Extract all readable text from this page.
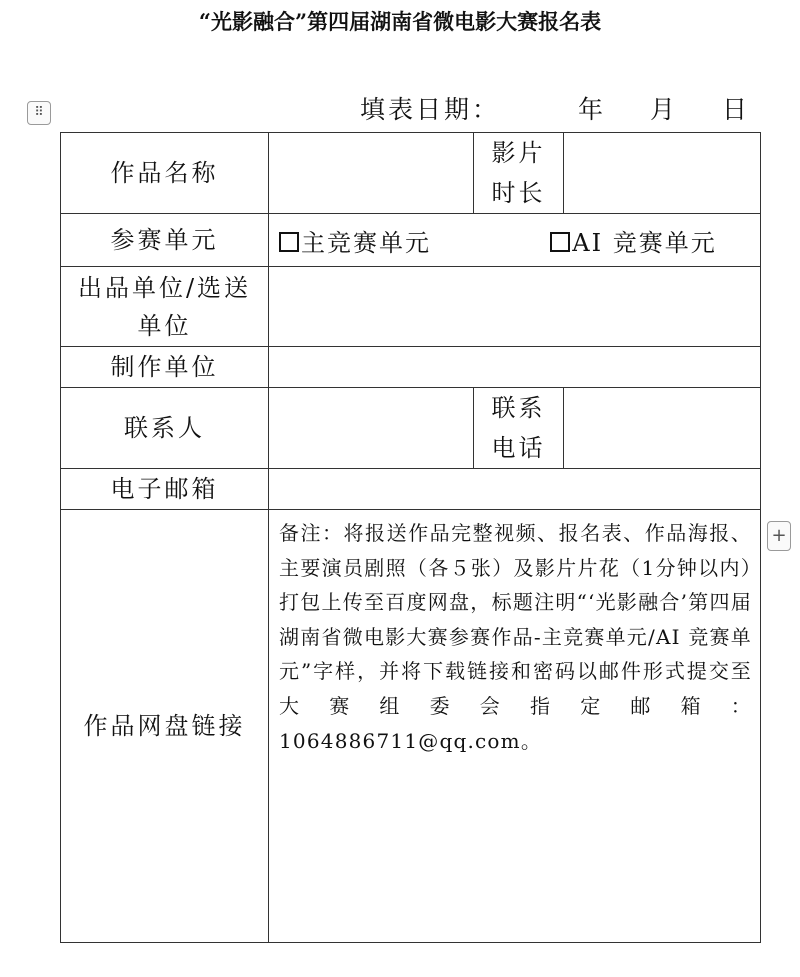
“光影融合”第四届湖南省微电影大赛报名表
⠿	填表日期：	年 月 日
作品名称		影片
时长	

参赛单元	主竞赛单元 AI 竞赛单元		

出品单位/选送
单位			

制作单位			
联系人		联系
电话	

电子邮箱			
作品网盘链接	备注：将报送作品完整视频、报名表、作品海报、主要演员剧照（各５张）及影片片花（1分钟以内）打包上传至百度网盘，标题注明“‘光影融合’第四届湖南省微电影大赛参赛作品-主竞赛单元/AI 竞赛单元”字样，并将下载链接和密码以邮件形式提交至大赛组委会指定邮箱：1064886711@qq.com。		
+
